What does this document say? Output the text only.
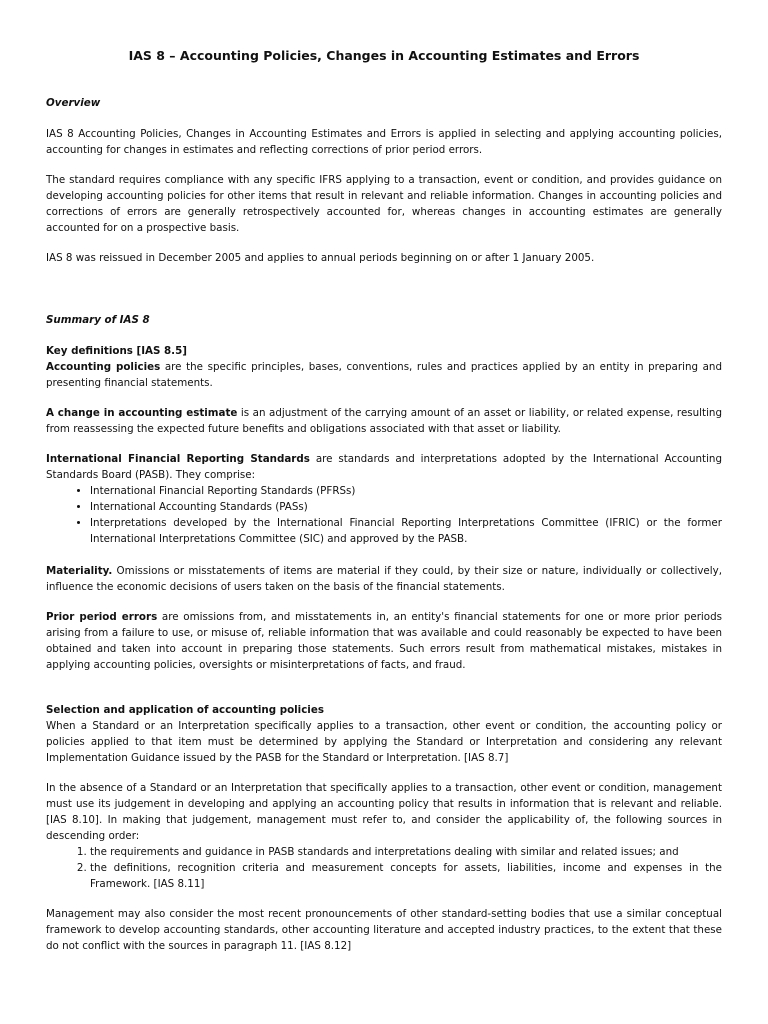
IAS 8 – Accounting Policies, Changes in Accounting Estimates and Errors
Overview
IAS 8 Accounting Policies, Changes in Accounting Estimates and Errors is applied in selecting and applying accounting policies, accounting for changes in estimates and reflecting corrections of prior period errors.
The standard requires compliance with any specific IFRS applying to a transaction, event or condition, and provides guidance on developing accounting policies for other items that result in relevant and reliable information. Changes in accounting policies and corrections of errors are generally retrospectively accounted for, whereas changes in accounting estimates are generally accounted for on a prospective basis.
IAS 8 was reissued in December 2005 and applies to annual periods beginning on or after 1 January 2005.
Summary of IAS 8
Key definitions [IAS 8.5]
Accounting policies are the specific principles, bases, conventions, rules and practices applied by an entity in preparing and presenting financial statements.
A change in accounting estimate is an adjustment of the carrying amount of an asset or liability, or related expense, resulting from reassessing the expected future benefits and obligations associated with that asset or liability.
International Financial Reporting Standards are standards and interpretations adopted by the International Accounting Standards Board (PASB). They comprise:
• International Financial Reporting Standards (PFRSs)
• International Accounting Standards (PASs)
• Interpretations developed by the International Financial Reporting Interpretations Committee (IFRIC) or the former International Interpretations Committee (SIC) and approved by the PASB.
Materiality. Omissions or misstatements of items are material if they could, by their size or nature, individually or collectively, influence the economic decisions of users taken on the basis of the financial statements.
Prior period errors are omissions from, and misstatements in, an entity's financial statements for one or more prior periods arising from a failure to use, or misuse of, reliable information that was available and could reasonably be expected to have been obtained and taken into account in preparing those statements. Such errors result from mathematical mistakes, mistakes in applying accounting policies, oversights or misinterpretations of facts, and fraud.
Selection and application of accounting policies
When a Standard or an Interpretation specifically applies to a transaction, other event or condition, the accounting policy or policies applied to that item must be determined by applying the Standard or Interpretation and considering any relevant Implementation Guidance issued by the PASB for the Standard or Interpretation. [IAS 8.7]
In the absence of a Standard or an Interpretation that specifically applies to a transaction, other event or condition, management must use its judgement in developing and applying an accounting policy that results in information that is relevant and reliable. [IAS 8.10]. In making that judgement, management must refer to, and consider the applicability of, the following sources in descending order:
1. the requirements and guidance in PASB standards and interpretations dealing with similar and related issues; and
2. the definitions, recognition criteria and measurement concepts for assets, liabilities, income and expenses in the Framework. [IAS 8.11]
Management may also consider the most recent pronouncements of other standard-setting bodies that use a similar conceptual framework to develop accounting standards, other accounting literature and accepted industry practices, to the extent that these do not conflict with the sources in paragraph 11. [IAS 8.12]
